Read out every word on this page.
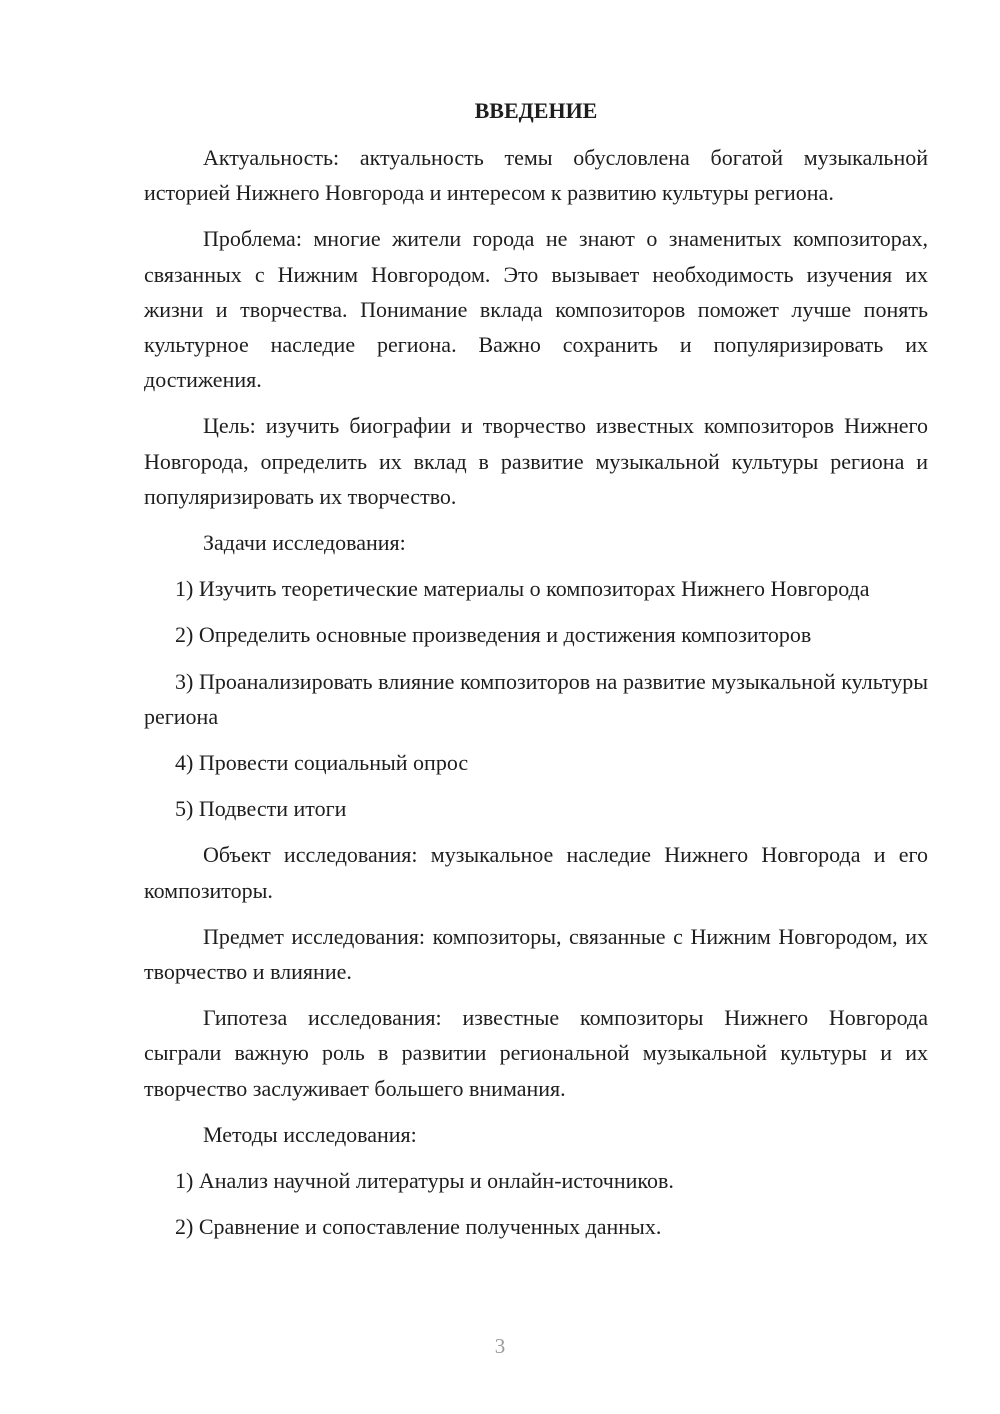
ВВЕДЕНИЕ

Актуальность: актуальность темы обусловлена богатой музыкальной историей Нижнего Новгорода и интересом к развитию культуры региона.

Проблема: многие жители города не знают о знаменитых композиторах, связанных с Нижним Новгородом. Это вызывает необходимость изучения их жизни и творчества. Понимание вклада композиторов поможет лучше понять культурное наследие региона. Важно сохранить и популяризировать их достижения.

Цель: изучить биографии и творчество известных композиторов Нижнего Новгорода, определить их вклад в развитие музыкальной культуры региона и популяризировать их творчество.

Задачи исследования:

1) Изучить теоретические материалы о композиторах Нижнего Новгорода

2) Определить основные произведения и достижения композиторов

3) Проанализировать влияние композиторов на развитие музыкальной культуры региона

4) Провести социальный опрос

5) Подвести итоги

Объект исследования: музыкальное наследие Нижнего Новгорода и его композиторы.

Предмет исследования: композиторы, связанные с Нижним Новгородом, их творчество и влияние.

Гипотеза исследования: известные композиторы Нижнего Новгорода сыграли важную роль в развитии региональной музыкальной культуры и их творчество заслуживает большего внимания.

Методы исследования:

1) Анализ научной литературы и онлайн-источников.

2) Сравнение и сопоставление полученных данных.

3
